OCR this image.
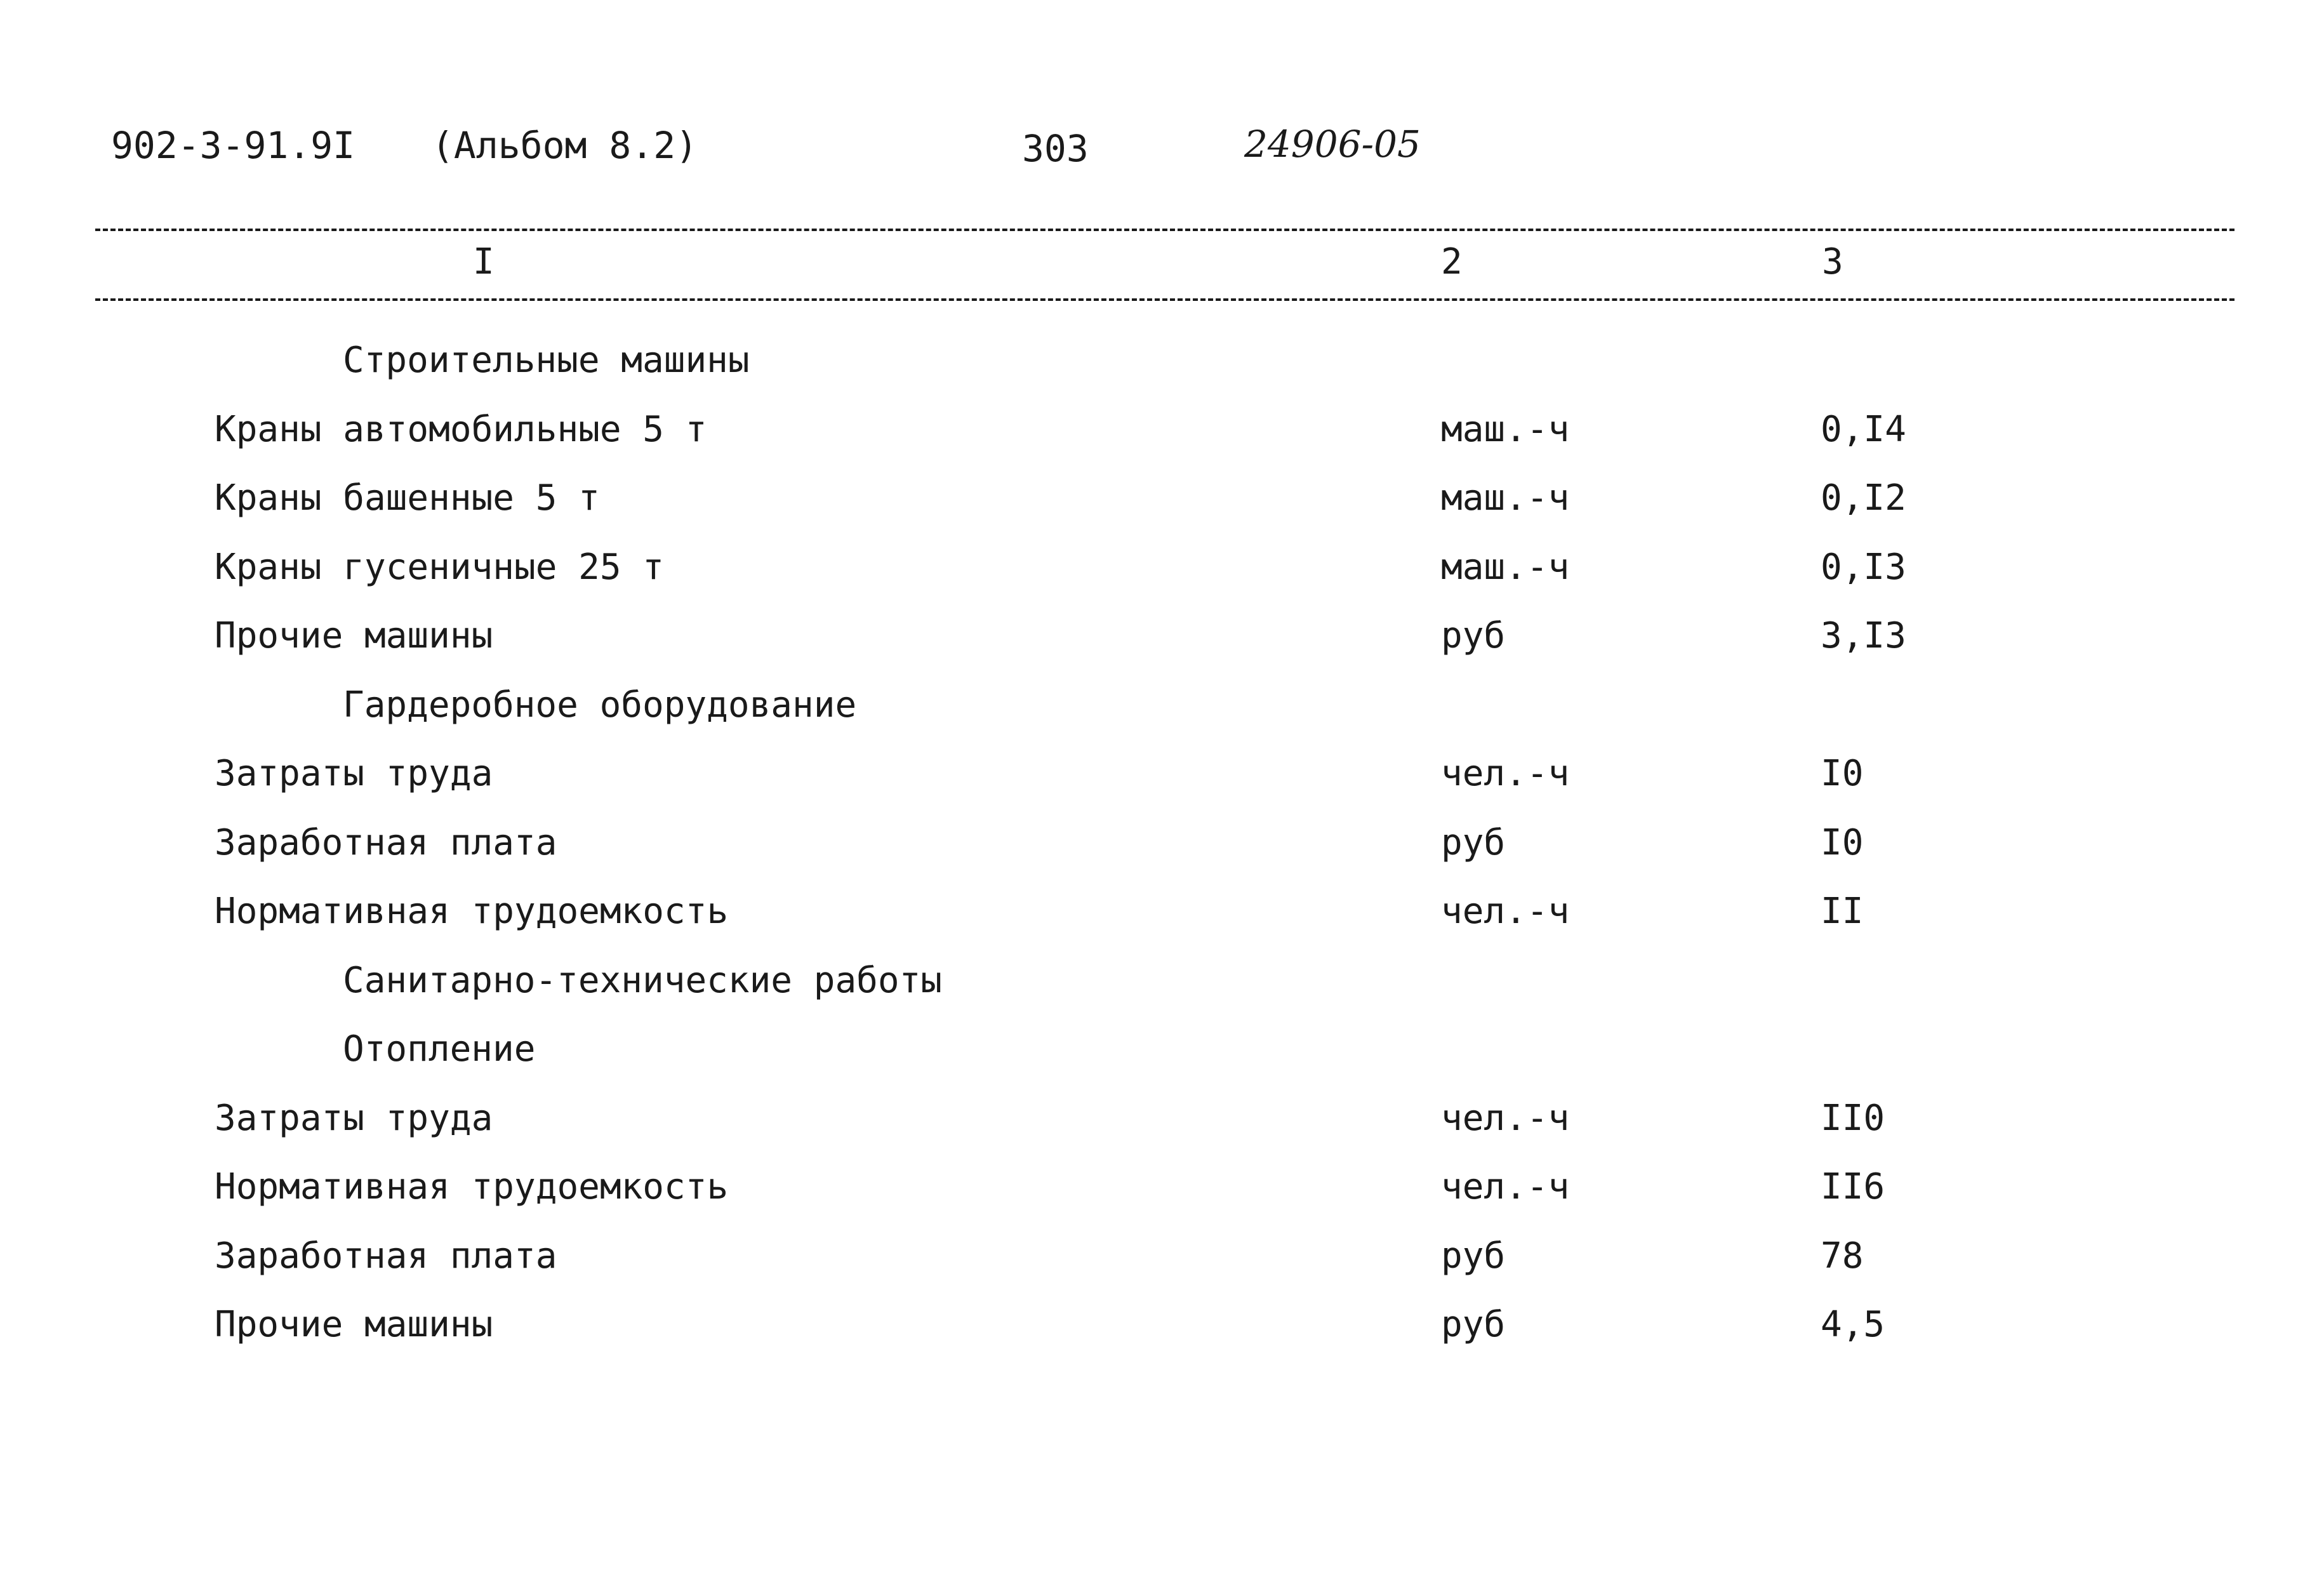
902-3-91.9I (Альбом 8.2)	303	24906-05
I	2	3
Строительные машины
Краны автомобильные 5 т	маш.-ч	0,I4
Краны башенные 5 т	маш.-ч	0,I2
Краны гусеничные 25 т	маш.-ч	0,I3
Прочие машины	руб	3,I3
Гардеробное оборудование
Затраты труда	чел.-ч	I0
Заработная плата	руб	I0
Нормативная трудоемкость	чел.-ч	II
Санитарно-технические работы
Отопление
Затраты труда	чел.-ч	II0
Нормативная трудоемкость	чел.-ч	II6
Заработная плата	руб	78
Прочие машины	руб	4,5
